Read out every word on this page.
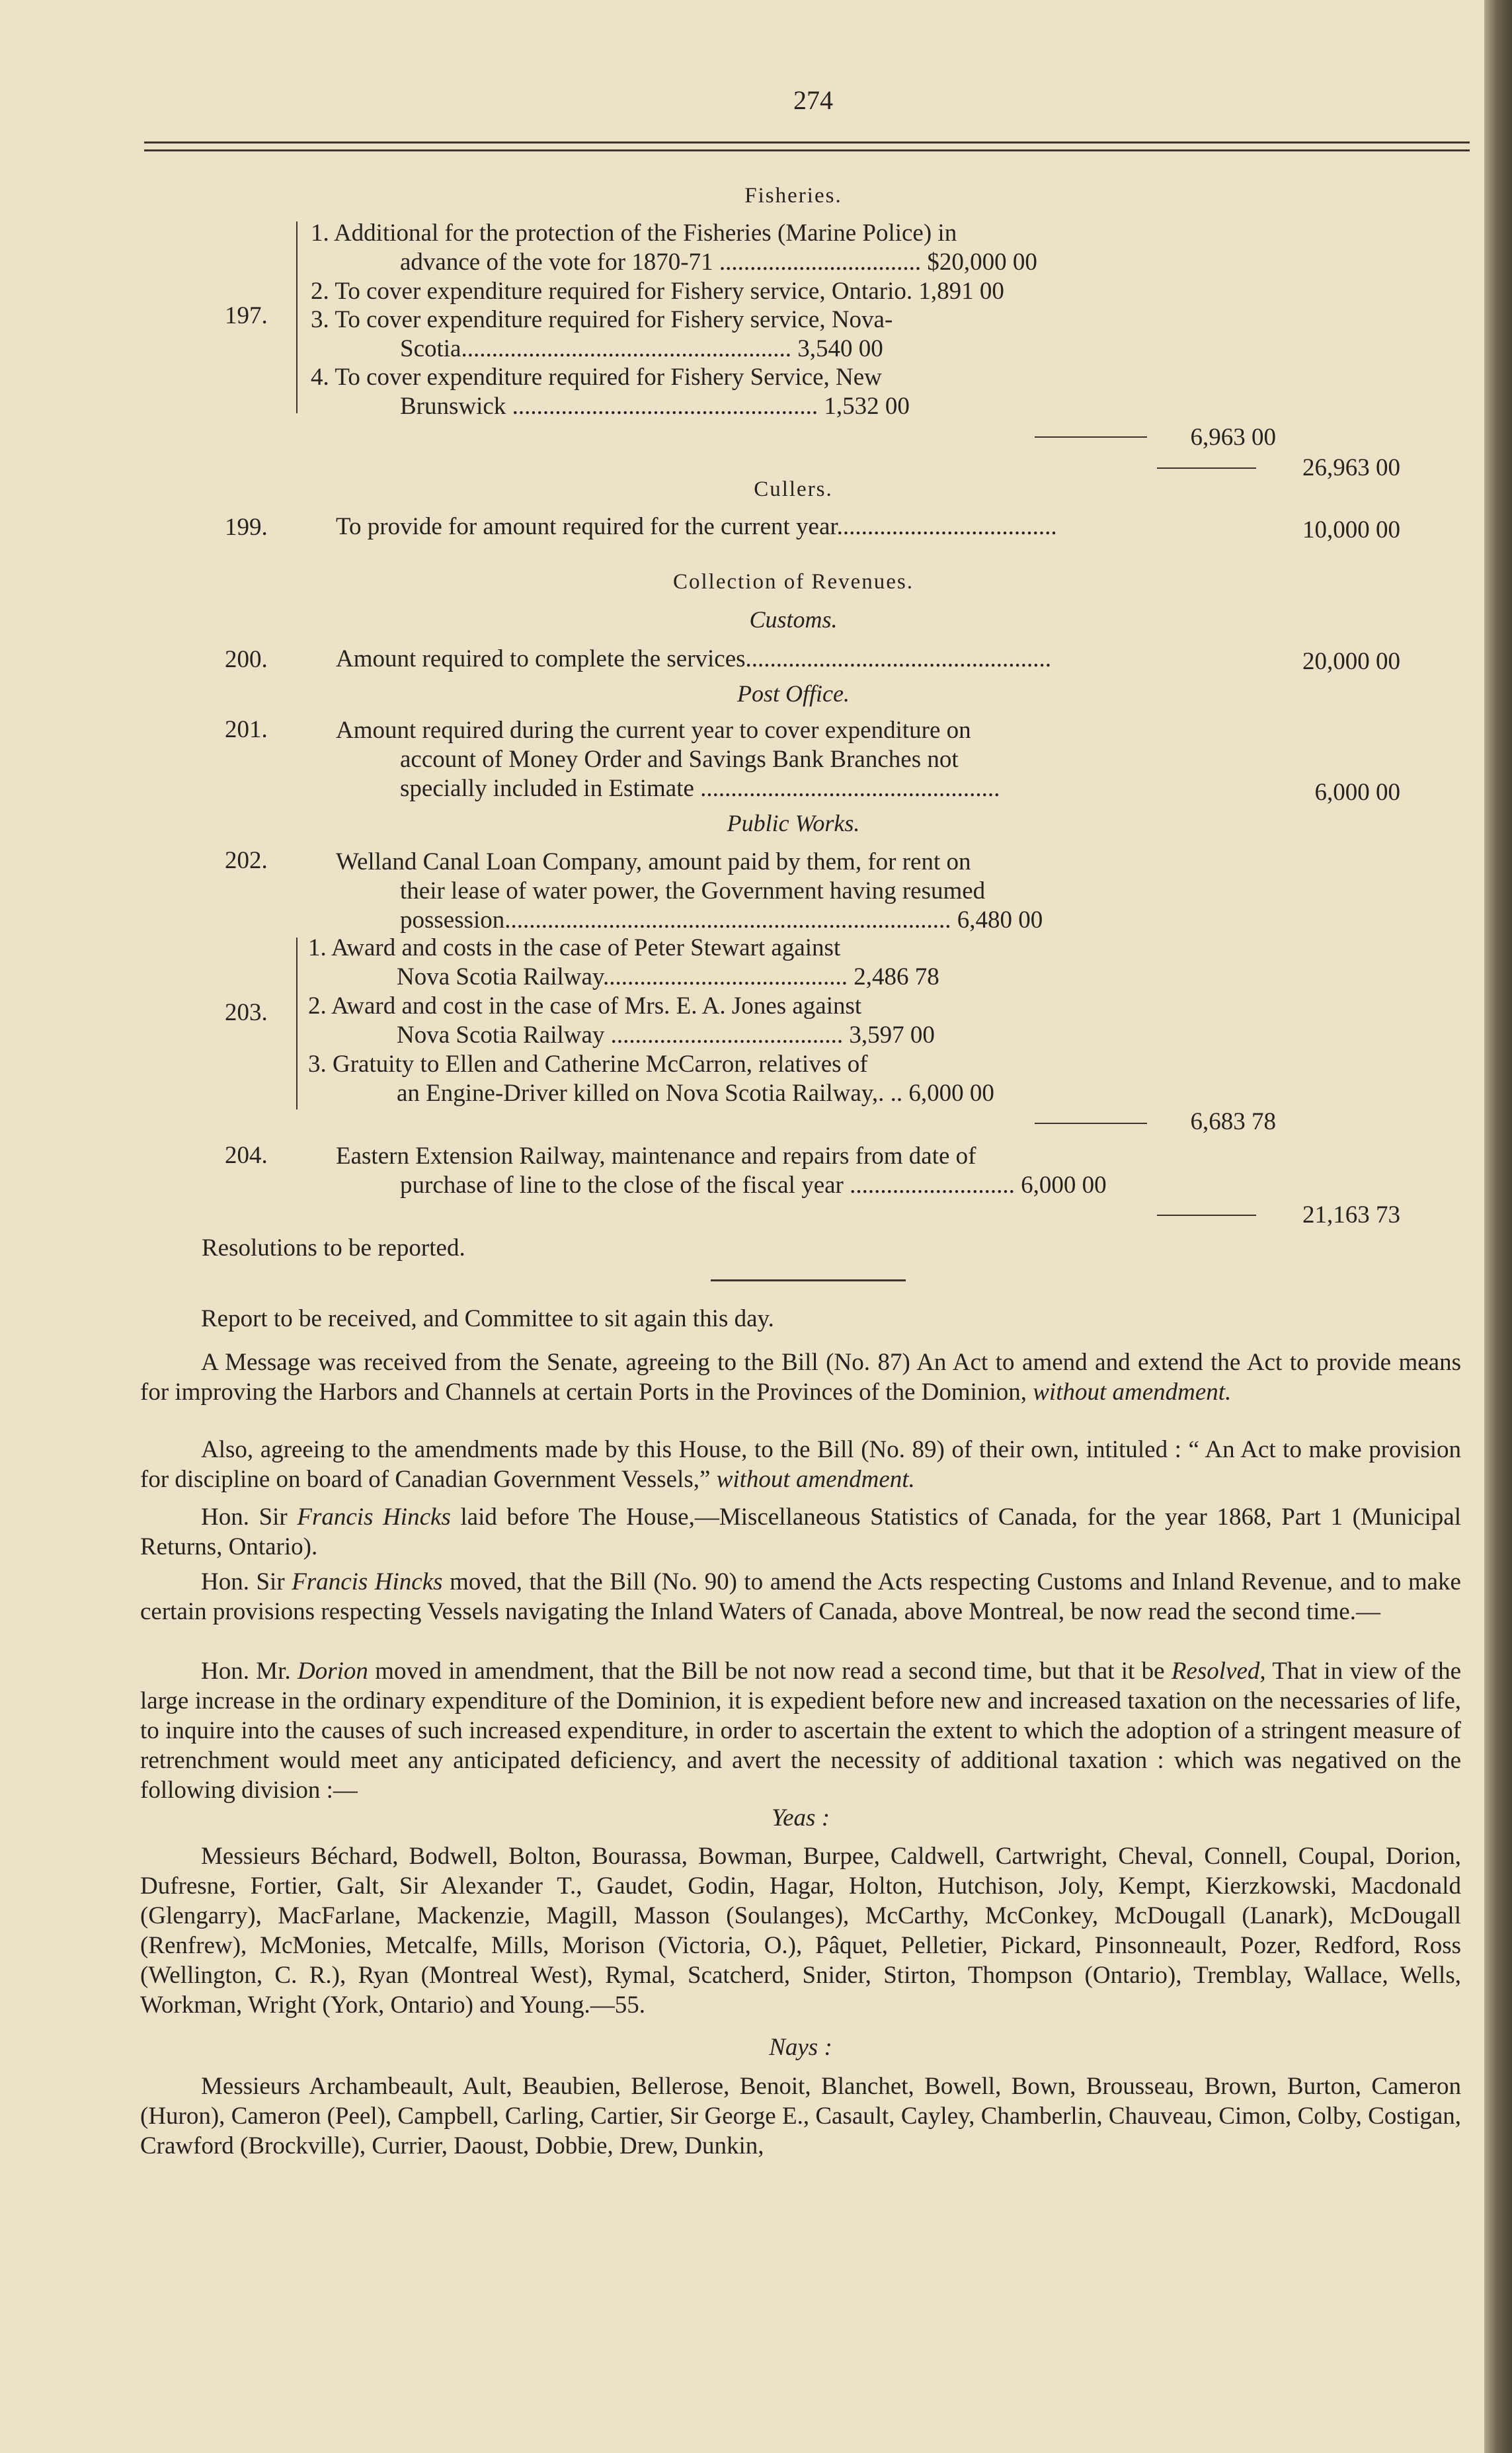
274
Fisheries.
197.
1. Additional for the protection of the Fisheries (Marine Police) in
advance of the vote for 1870-71 ................................. $20,000 00
2. To cover expenditure required for Fishery service, Ontario. 1,891 00
3. To cover expenditure required for Fishery service, Nova-
Scotia...................................................... 3,540 00
4. To cover expenditure required for Fishery Service, New
Brunswick .................................................. 1,532 00
6,963 00
26,963 00
Cullers.
199.	To provide for amount required for the current year....................................	10,000 00
Collection of Revenues.
Customs.
200.	Amount required to complete the services..................................................	20,000 00
Post Office.
201.	Amount required during the current year to cover expenditure on
account of Money Order and Savings Bank Branches not
specially included in Estimate .................................................	6,000 00
Public Works.
202.	Welland Canal Loan Company, amount paid by them, for rent on
their lease of water power, the Government having resumed
possession......................................................................... 6,480 00
203.
1. Award and costs in the case of Peter Stewart against
Nova Scotia Railway........................................ 2,486 78
2. Award and cost in the case of Mrs. E. A. Jones against
Nova Scotia Railway ...................................... 3,597 00
3. Gratuity to Ellen and Catherine McCarron, relatives of
an Engine-Driver killed on Nova Scotia Railway,. .. 6,000 00
6,683 78
204.	Eastern Extension Railway, maintenance and repairs from date of
purchase of line to the close of the fiscal year ........................... 6,000 00
21,163 73
Resolutions to be reported.
Report to be received, and Committee to sit again this day.
A Message was received from the Senate, agreeing to the Bill (No. 87) An Act to amend and extend the Act to provide means for improving the Harbors and Channels at certain Ports in the Provinces of the Dominion, without amendment.
Also, agreeing to the amendments made by this House, to the Bill (No. 89) of their own, intituled : “ An Act to make provision for discipline on board of Canadian Government Vessels,” without amendment.
Hon. Sir Francis Hincks laid before The House,—Miscellaneous Statistics of Canada, for the year 1868, Part 1 (Municipal Returns, Ontario).
Hon. Sir Francis Hincks moved, that the Bill (No. 90) to amend the Acts respecting Customs and Inland Revenue, and to make certain provisions respecting Vessels navigating the Inland Waters of Canada, above Montreal, be now read the second time.—
Hon. Mr. Dorion moved in amendment, that the Bill be not now read a second time, but that it be Resolved, That in view of the large increase in the ordinary expenditure of the Dominion, it is expedient before new and increased taxation on the necessaries of life, to inquire into the causes of such increased expenditure, in order to ascertain the extent to which the adoption of a stringent measure of retrenchment would meet any anticipated deficiency, and avert the necessity of additional taxation : which was negatived on the following division :—
Yeas :
Messieurs Béchard, Bodwell, Bolton, Bourassa, Bowman, Burpee, Caldwell, Cartwright, Cheval, Connell, Coupal, Dorion, Dufresne, Fortier, Galt, Sir Alexander T., Gaudet, Godin, Hagar, Holton, Hutchison, Joly, Kempt, Kierzkowski, Macdonald (Glengarry), MacFarlane, Mackenzie, Magill, Masson (Soulanges), McCarthy, McConkey, McDougall (Lanark), McDougall (Renfrew), McMonies, Metcalfe, Mills, Morison (Victoria, O.), Pâquet, Pelletier, Pickard, Pinsonneault, Pozer, Redford, Ross (Wellington, C. R.), Ryan (Montreal West), Rymal, Scatcherd, Snider, Stirton, Thompson (Ontario), Tremblay, Wallace, Wells, Workman, Wright (York, Ontario) and Young.—55.
Nays :
Messieurs Archambeault, Ault, Beaubien, Bellerose, Benoit, Blanchet, Bowell, Bown, Brousseau, Brown, Burton, Cameron (Huron), Cameron (Peel), Campbell, Carling, Cartier, Sir George E., Casault, Cayley, Chamberlin, Chauveau, Cimon, Colby, Costigan, Crawford (Brockville), Currier, Daoust, Dobbie, Drew, Dunkin,
